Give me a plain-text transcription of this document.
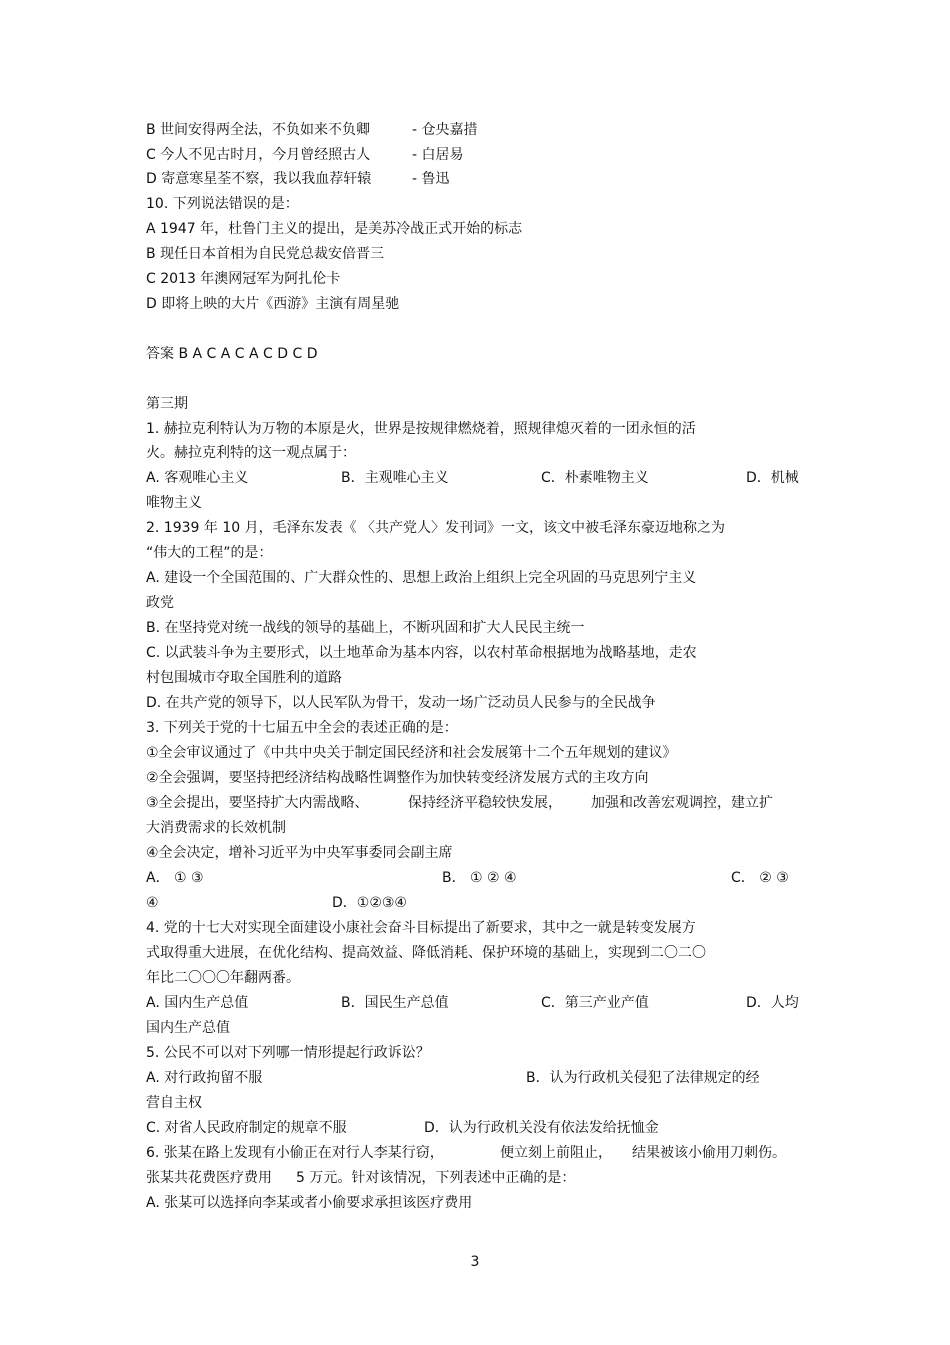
B 世间安得两全法，不负如来不负卿	- 仓央嘉措

C 今人不见古时月，今月曾经照古人	- 白居易

D 寄意寒星荃不察，我以我血荐轩辕	- 鲁迅

10. 下列说法错误的是：

A 1947 年，杜鲁门主义的提出，是美苏冷战正式开始的标志

B 现任日本首相为自民党总裁安倍晋三

C 2013 年澳网冠军为阿扎伦卡

D 即将上映的大片《西游》主演有周星驰

答案 B A C A C A C D C D

第三期

1. 赫拉克利特认为万物的本原是火，世界是按规律燃烧着，照规律熄灭着的一团永恒的活

火。赫拉克利特的这一观点属于：

A. 客观唯心主义	B．主观唯心主义	C．朴素唯物主义	D．机械

唯物主义

2. 1939 年 10 月，毛泽东发表《 〈共产党人〉发刊词》一文，该文中被毛泽东豪迈地称之为

“伟大的工程”的是：

A. 建设一个全国范围的、广大群众性的、思想上政治上组织上完全巩固的马克思列宁主义

政党

B. 在坚持党对统一战线的领导的基础上，不断巩固和扩大人民民主统一

C. 以武装斗争为主要形式，以土地革命为基本内容，以农村革命根据地为战略基地，走农

村包围城市夺取全国胜利的道路

D. 在共产党的领导下，以人民军队为骨干，发动一场广泛动员人民参与的全民战争

3. 下列关于党的十七届五中全会的表述正确的是：

①全会审议通过了《中共中央关于制定国民经济和社会发展第十二个五年规划的建议》

②全会强调，要坚持把经济结构战略性调整作为加快转变经济发展方式的主攻方向

③全会提出，要坚持扩大内需战略、	保持经济平稳较快发展， 加强和改善宏观调控，建立扩

大消费需求的长效机制

④全会决定，增补习近平为中央军事委同会副主席

A． ① ③	B． ① ② ④	C． ② ③

④	D．①②③④

4. 党的十七大对实现全面建设小康社会奋斗目标提出了新要求，其中之一就是转变发展方

式取得重大进展，在优化结构、提高效益、降低消耗、保护环境的基础上，实现到二〇二〇

年比二〇〇〇年翻两番。

A. 国内生产总值	B．国民生产总值	C．第三产业产值	D．人均

国内生产总值

5. 公民不可以对下列哪一情形提起行政诉讼？

A. 对行政拘留不服	B．认为行政机关侵犯了法律规定的经

营自主权

C. 对省人民政府制定的规章不服	D．认为行政机关没有依法发给抚恤金

6. 张某在路上发现有小偷正在对行人李某行窃，	便立刻上前阻止， 结果被该小偷用刀刺伤。

张某共花费医疗费用 5 万元。针对该情况，下列表述中正确的是：

A. 张某可以选择向李某或者小偷要求承担该医疗费用

3
